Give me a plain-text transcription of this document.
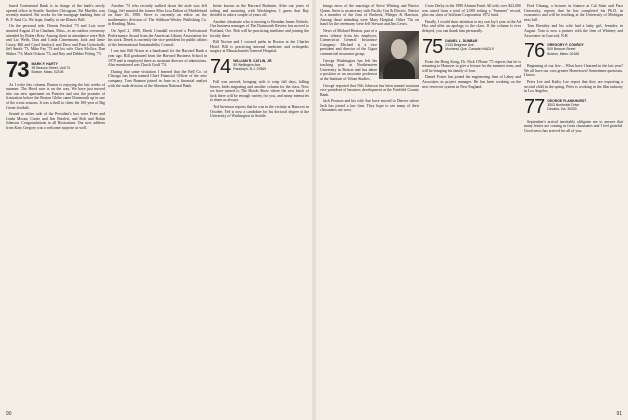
based Continental Bank is in charge of the bank's newly opened office in Seattle. Another Chicagoan, Pat Mueller, was recently married. Pat works for the mortgage banking firm of B. F. Saul Co. We hope, finally, to see Illinois Bell.

On the personal side, Dennis Paschal '73 and Lois were married August 23 in Chatham, Mass., as an outdoor ceremony attended by Robert Brey. Among those in attendance were Bob and Liz Wells, Dan and Linda Cimermann, Jack and Janie Casey, Bill and Carol Sanford, and Dave and Pam Gottschalk; Jeff Smith '73, Mike Fay '73 and his wife Chris McGirr; Dan Shikes '73; Mark Osborn '73, and Ray and Debbie Poling '73.

73 MARK F. HARTY
39 Beacon Street, Unit 74
Boston, Mass. 02108

As I write this column, Boston is enjoying the last weeks of summer. The Hood race is on the way. We have just moved into our new apartment on Pantries and saw the promise of frustration before the Boston Globe came Dartmouth up in one of the worst seasons. It was a thrill to cheer the 100-year of Big Green football.

Seated to either side of the President's box were Peter and Linda Moran, Carrie and Jim Bartlett, and Rob and Robin Johnson. Congratulations to all Bostonians. Our new address from Katy Gregory was a welcome surprise as well.

Another '73 who recently walked down the aisle was Jeff Grigg. Jeff married the former Miss Lisa Dalton of Marblehead on June 26, 1980. Steve is currently an editor on the mathematics division of The Addison-Wesley Publishing Co. in Reading, Mass.

On April 2, 1980, Derek Crandall received a Professional Performance Award from the American Library Association for his work. Derek is currently the vice president for public affairs of the International Sustainability Council.

I ran into Bill Nixon at a bandstand for the Harvard Bank a year ago. Bill graduated from the Harvard Business School in 1979 and is employed there as assistant director of admissions. Also mentioned was Chuck Graff '74.

During that same visitation I learned that the Bell Co. of Chicago has been named Chief Financial Officer of the new company. Tom Bannon joined in June as a financial analyst with the trade division of the Sherman National Bank.

better known as the Harvard Brahmin. After our years of toiling and motoring with Washington, I guess that Ray decided to take a couple of years off.

Another classmate who is moving is Brendan James Nichols. Our business manager of The Dartmouth Review has moved to Portland, Ore. Bob will be practicing medicine and joining the faculty there.

Bill Norton and I crossed paths in Boston at the Charles Hotel. Bill is practicing internal medicine and orthopedic surgery at Massachusetts General Hospital.

74 WILLIAM R. CATLIN, JR.
50 Wellington Ave.
Randolph, N.J. 07869

Fall was arrived, bringing with it crisp fall days, falling leaves, birds migrating and another column for the class. Now we have turned to The Hoods Show where the new batch of luck there will be enough variety for you, and many memories to share as always.

Ted Swenson reports that he was in the vicinity at Hanover in October. Ted is now a candidate for his doctoral degree at the University of Washington in Seattle.

90

brings news of the marriage of Steve Whiting and Patrice Quinn. Steve is an attorney with Pacific Gas & Electric. Patrice is a member of the firm of Brobeck, Phleger & Harrison. Among those attending were Mary Hospital. Other '74s on hand for the ceremony were Jeff Stewart and Jim Lewis.

News of Michael Heaton, part of a news release from his employer, Connecticut General Insurance Company: Michael is a vice president and director of the Cigna commercial insurance group.

George Washington has left his teaching post at Northeastern University in Boston and has taken a position as an associate professor at the Institute of Urban Studies.

George reported that Nils Johnson has been named assistant vice president of business development at the Fairfield County Bank.

Jack Pearson and his wife Sue have moved to Denver where Jack has joined a law firm. They hope to see many of their classmates out west.

Cross Derby in the 1980 Alumni Fund. All told, over $22,000 was raised from a total of 2,000 setting a "Summer" record, plus our class of Sullivan Corporation 1972 fund.

Finally, I would draw attention to my son Jay's year at the Ad Hoc and offer an apology to the class. If the column is ever delayed, you can thank him personally.

75 DANIEL L. DUNBAR
2133 Belgrave Ave.
Montreal, Que. Canada H4A2L9

From the Hong Kong, Dr. Nick O'Kane '75 reports that he is returning to Hanover to give a lecture for the summer term, and will be bringing his family of four.

Daniel Foster has joined the engineering firm of Lahey and Associates as project manager. He has been working on the new reservoir system in New England.

Fred Chuang, a lecturer in finance at Cal State and Pace University, reports that he has completed his Ph.D. in economics and will be teaching at the University of Michigan next fall.

Tom Brentley and his wife had a baby girl, Jennifer, in August. Tom is now a partner with the firm of Whitney and Associates in Concord, N.H.

76 GREGORY F. CONROY
500 Beacon Street
Boston, Mass. 02165

Beginning of our five ... What have I learned in the last year? We all have our own greater Hometown! Sometimes questions. I know.

Peter Lee and Kathy Lee report that they are expecting a second child in the spring. Peter is working in the film industry in Los Angeles.

77 GEORGE FLANKHURST
3503 Northside Drive
Decatur, Ga. 30030

September's arrival inevitably obligates me to answer that many letters are coming in from classmates and I feel grateful. Good news has arrived for all of you.

91
